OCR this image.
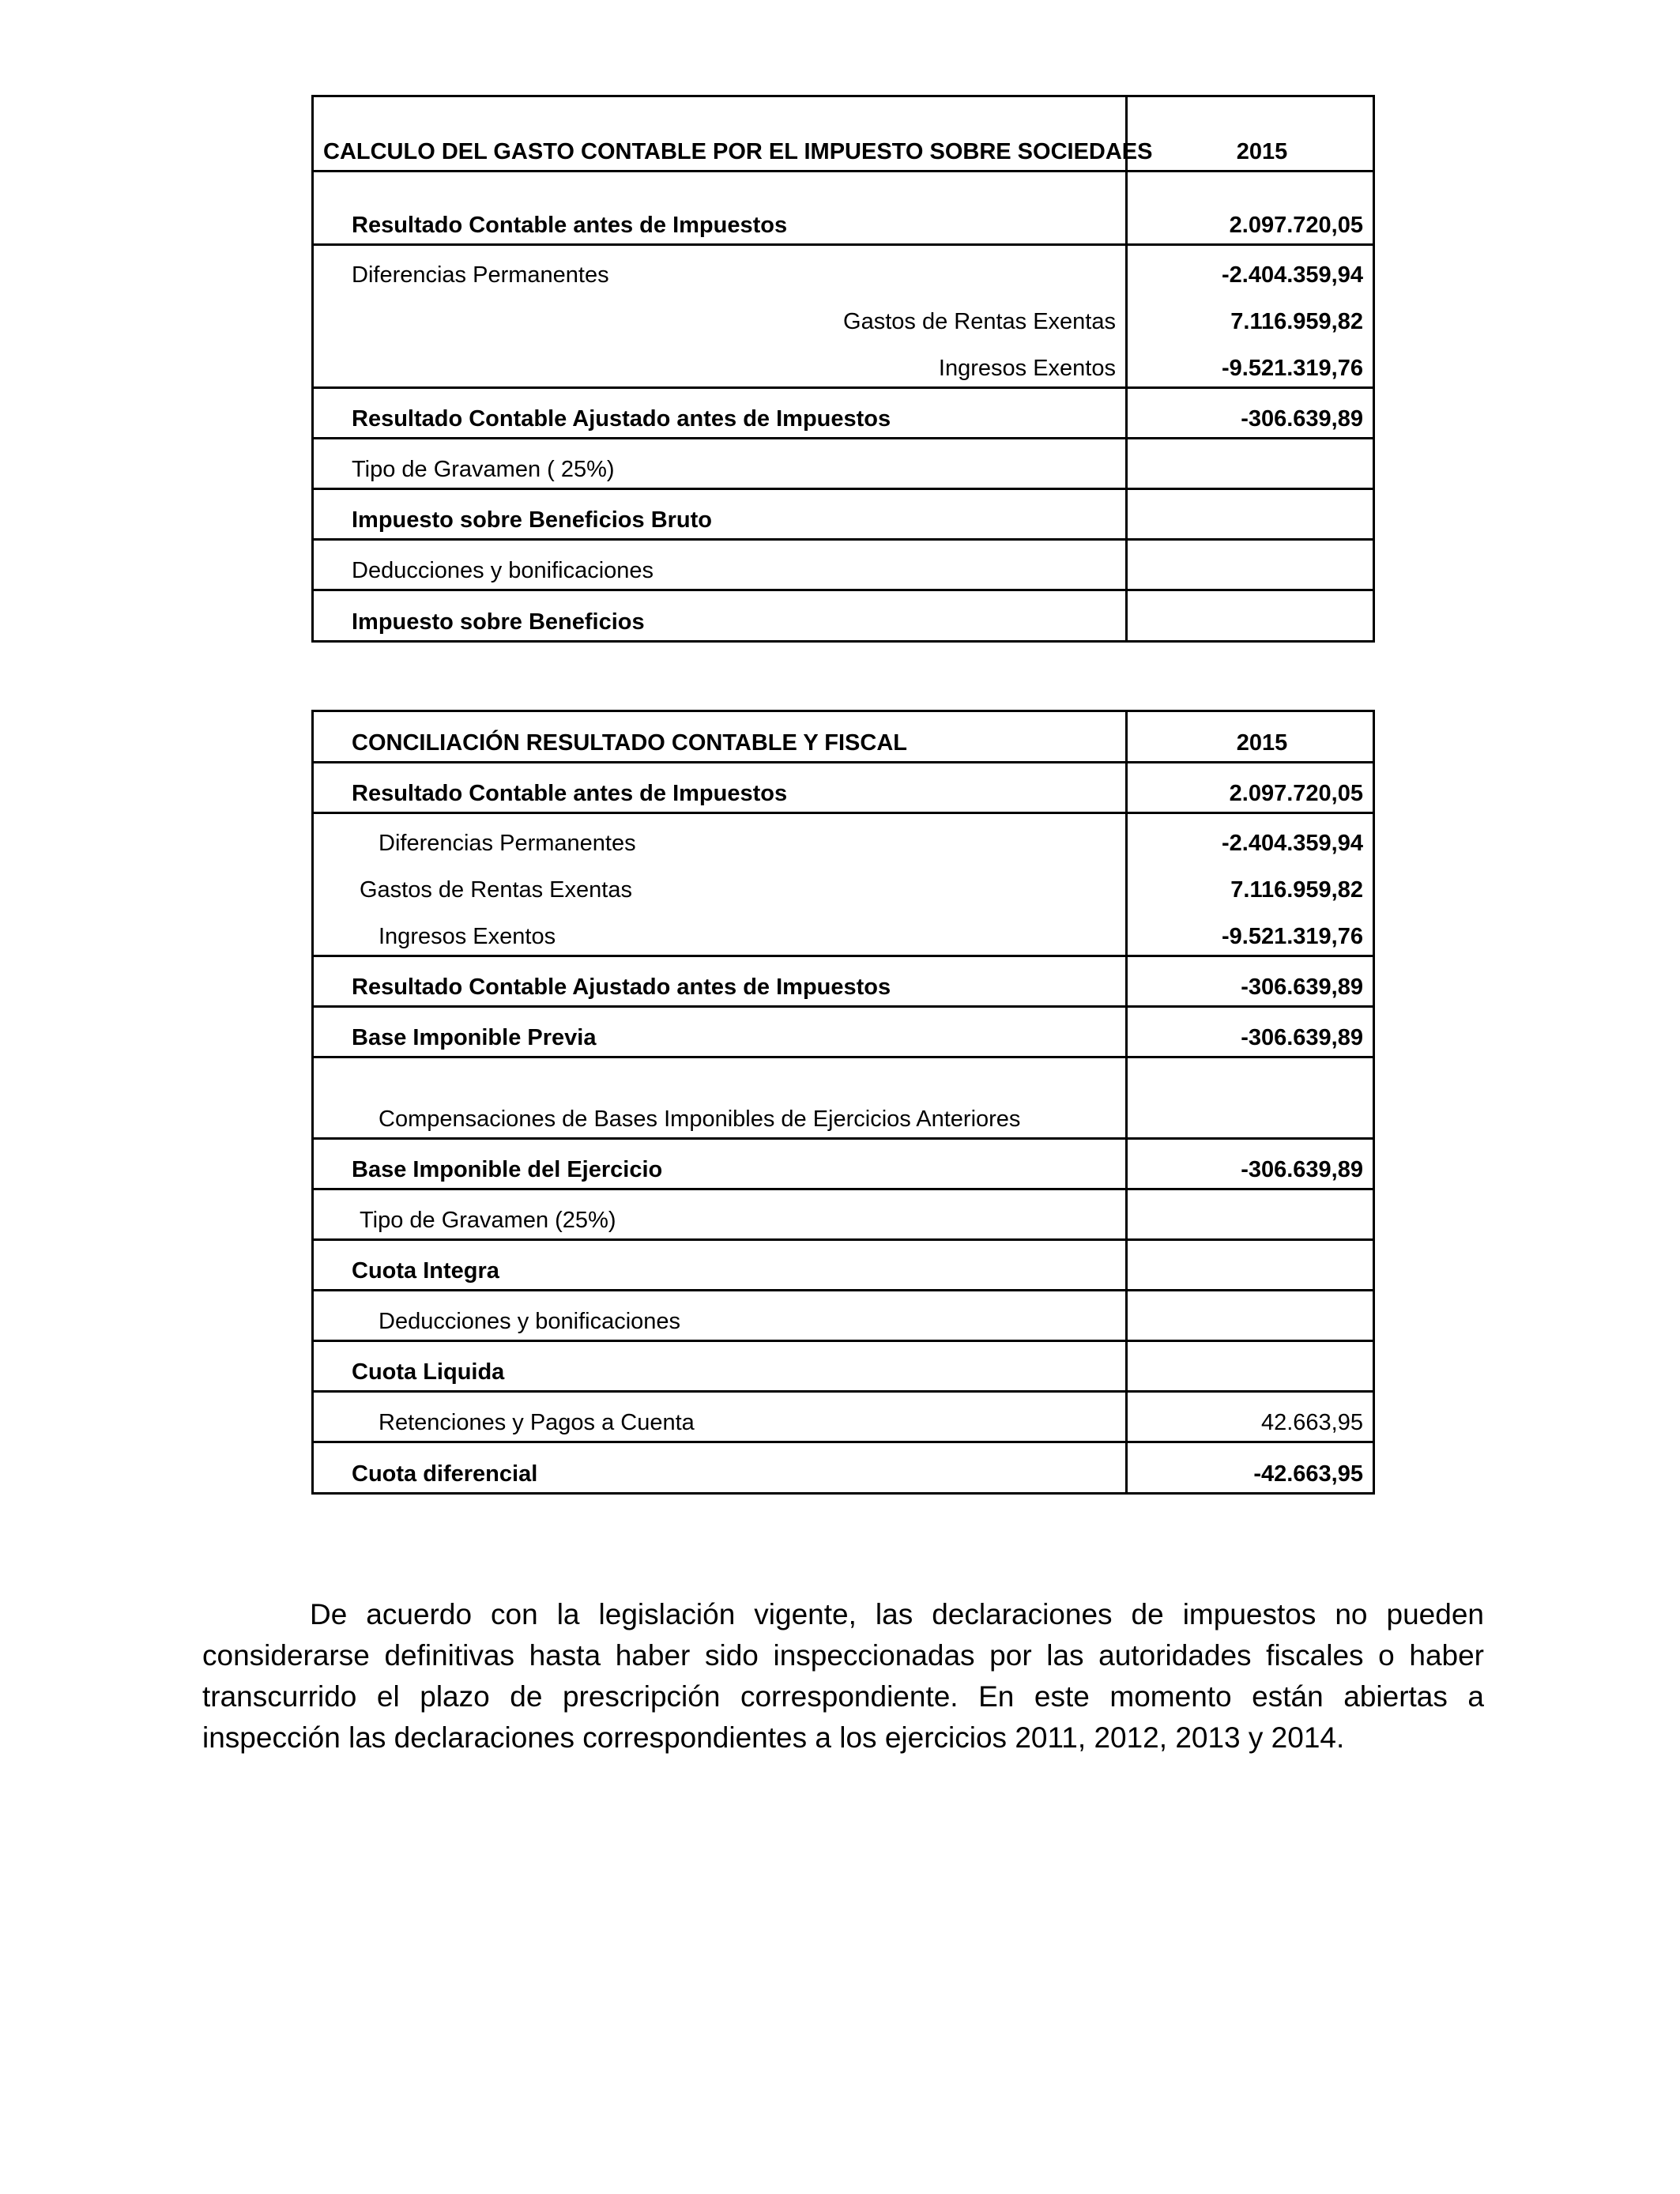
CALCULO DEL GASTO CONTABLE POR EL IMPUESTO SOBRE SOCIEDAES	2015
Resultado Contable antes de Impuestos	2.097.720,05
Diferencias Permanentes	-2.404.359,94
Gastos de Rentas Exentas	7.116.959,82
Ingresos Exentos	-9.521.319,76
Resultado Contable Ajustado antes de Impuestos	-306.639,89
Tipo de Gravamen ( 25%)
Impuesto sobre Beneficios Bruto
Deducciones y bonificaciones
Impuesto sobre Beneficios
CONCILIACIÓN RESULTADO CONTABLE Y FISCAL	2015
Resultado Contable antes de Impuestos	2.097.720,05
Diferencias Permanentes	-2.404.359,94
Gastos de Rentas Exentas	7.116.959,82
Ingresos Exentos	-9.521.319,76
Resultado Contable Ajustado antes de Impuestos	-306.639,89
Base Imponible Previa	-306.639,89
Compensaciones de Bases Imponibles de Ejercicios Anteriores
Base Imponible del Ejercicio	-306.639,89
Tipo de Gravamen (25%)
Cuota Integra
Deducciones y bonificaciones
Cuota Liquida
Retenciones y Pagos a Cuenta	42.663,95
Cuota diferencial	-42.663,95

De acuerdo con la legislación vigente, las declaraciones de impuestos no pueden considerarse definitivas hasta haber sido inspeccionadas por las autoridades fiscales o haber transcurrido el plazo de prescripción correspondiente. En este momento están abiertas a inspección las declaraciones correspondientes a los ejercicios 2011, 2012, 2013 y 2014.
